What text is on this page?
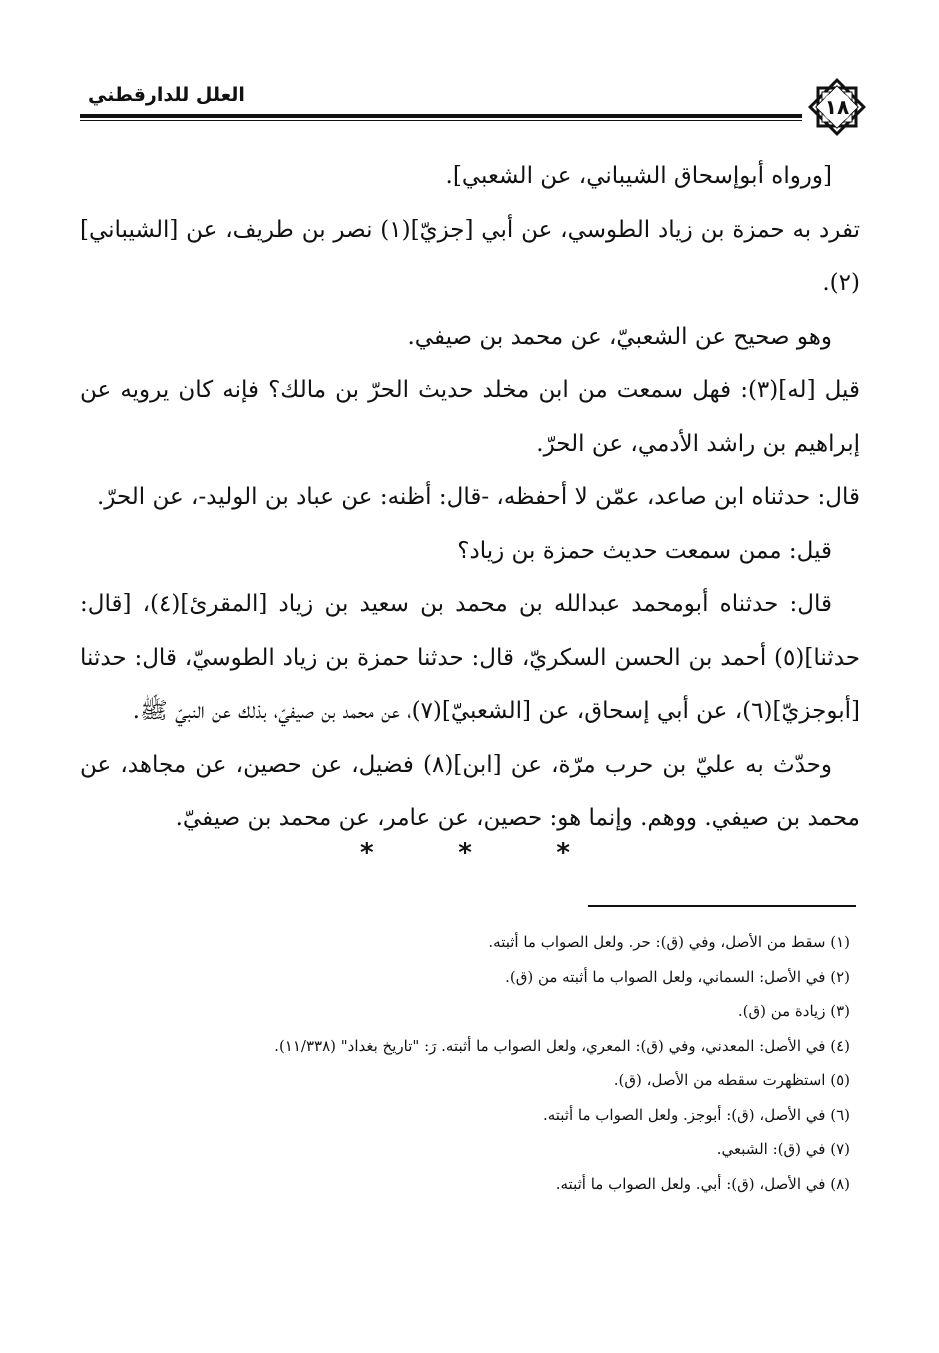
العلل للدارقطني	١٨

[ورواه أبوإسحاق الشيباني، عن الشعبي].

تفرد به حمزة بن زياد الطوسي، عن أبي [جزيّ](١) نصر بن طريف، عن [الشيباني](٢).

وهو صحيح عن الشعبيّ، عن محمد بن صيفي.

قيل [له](٣): فهل سمعت من ابن مخلد حديث الحرّ بن مالك؟ فإنه كان يرويه عن إبراهيم بن راشد الأدمي، عن الحرّ.

قال: حدثناه ابن صاعد، عمّن لا أحفظه، -قال: أظنه: عن عباد بن الوليد-، عن الحرّ.

قيل: ممن سمعت حديث حمزة بن زياد؟

قال: حدثناه أبومحمد عبدالله بن محمد بن سعيد بن زياد [المقرئ](٤)، [قال: حدثنا](٥) أحمد بن الحسن السكريّ، قال: حدثنا حمزة بن زياد الطوسيّ، قال: حدثنا [أبوجزيّ](٦)، عن أبي إسحاق، عن [الشعبيّ](٧)، عن محمد بن صيفيّ، بذلك عن النبيّ ﷺ.

وحدّث به عليّ بن حرب مرّة، عن [ابن](٨) فضيل، عن حصين، عن مجاهد، عن محمد بن صيفي. ووهم. وإنما هو: حصين، عن عامر، عن محمد بن صيفيّ.

*	*	*
(١) سقط من الأصل، وفي (ق): حر. ولعل الصواب ما أثبته.
(٢) في الأصل: السماني، ولعل الصواب ما أثبته من (ق).
(٣) زيادة من (ق).
(٤) في الأصل: المعدني، وفي (ق): المعري، ولعل الصواب ما أثبته. رَ: "تاريخ بغداد" (١١/٣٣٨).
(٥) استظهرت سقطه من الأصل، (ق).
(٦) في الأصل، (ق): أبوجز. ولعل الصواب ما أثبته.
(٧) في (ق): الشبعي.
(٨) في الأصل، (ق): أبي. ولعل الصواب ما أثبته.
